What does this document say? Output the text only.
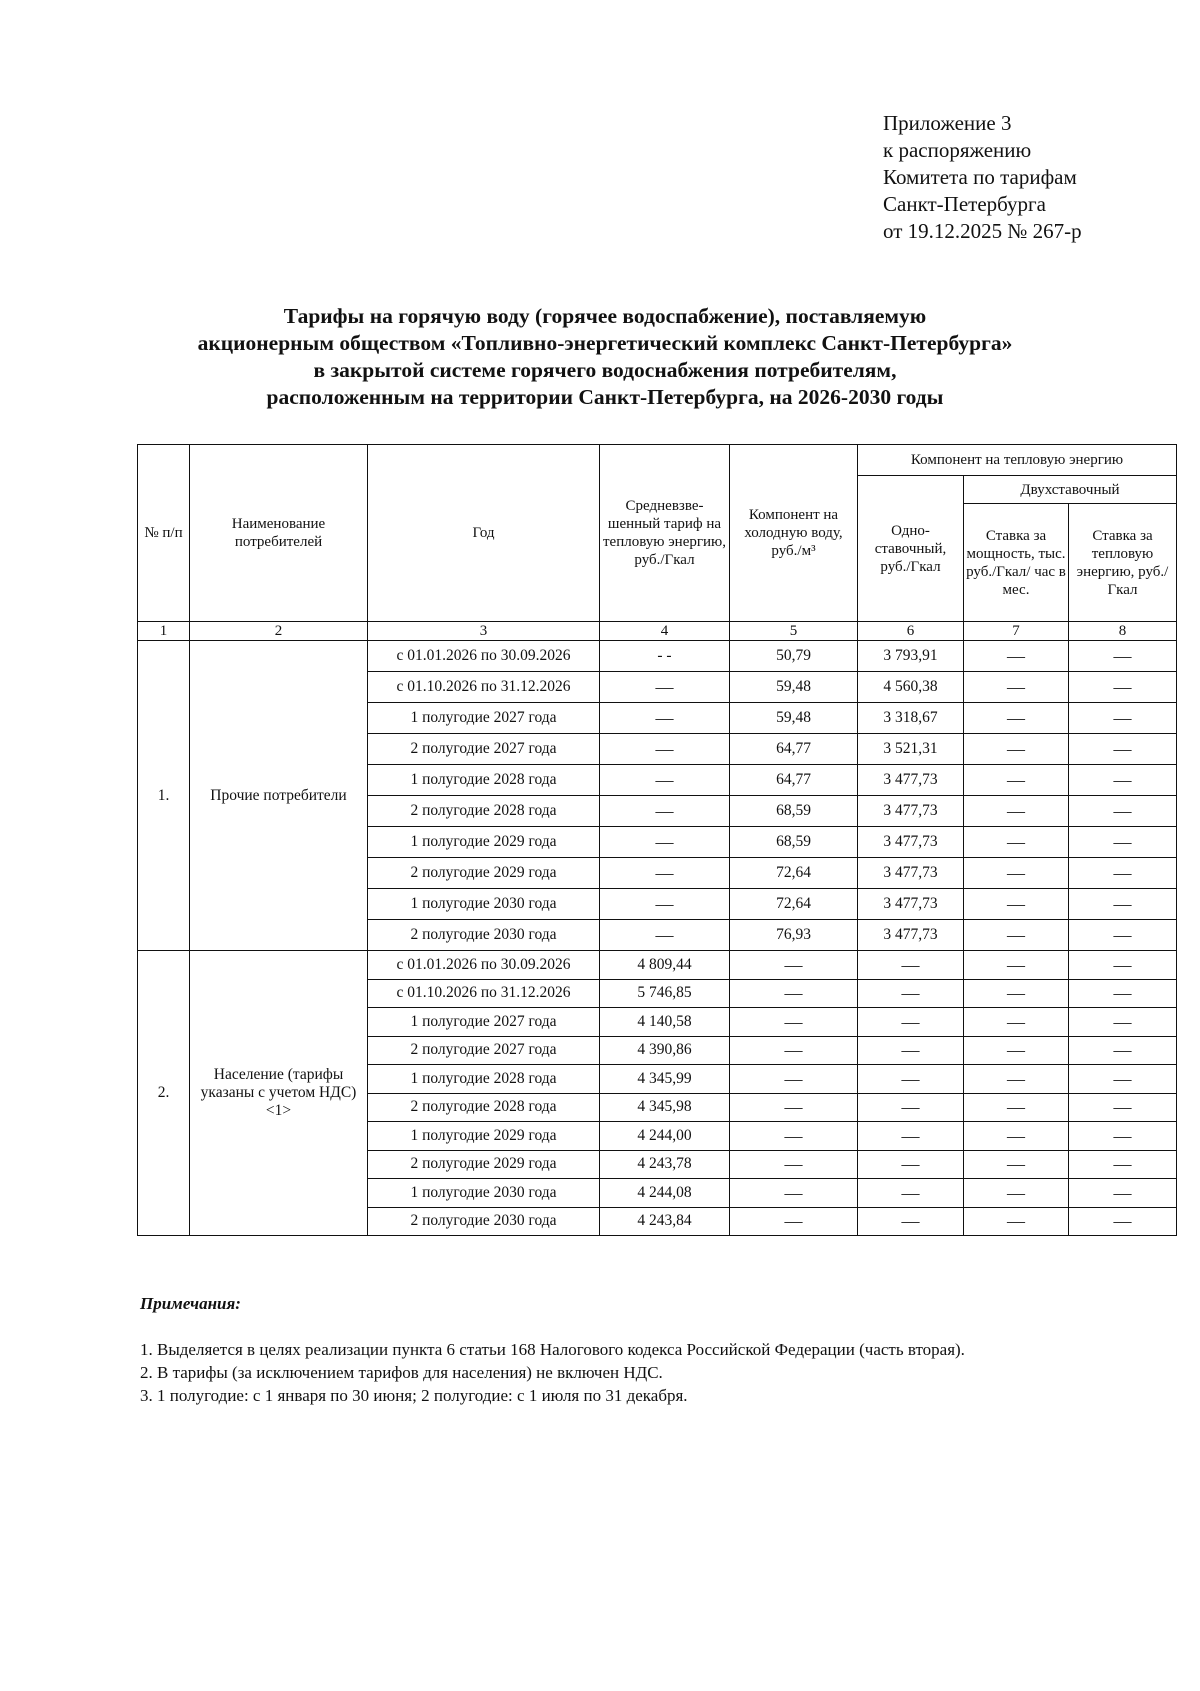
Приложение 3
к распоряжению
Комитета по тарифам
Санкт-Петербурга
от 19.12.2025 № 267-р
Тарифы на горячую воду (горячее водоспабжение), поставляемую
акционерным обществом «Топливно-энергетический комплекс Санкт-Петербурга»
в закрытой системе горячего водоснабжения потребителям,
расположенным на территории Санкт-Петербурга, на 2026-2030 годы
№ п/п	Наименование потребителей	Год	Средневзве-шенный тариф на тепловую энергию, руб./Гкал	Компонент на холодную воду, руб./м³	Компонент на тепловую энергию		
					Одно-ставочный, руб./Гкал	Двухставочный	
						Ставка за мощность, тыс. руб./Гкал/ час в мес.	Ставка за тепловую энергию, руб./Гкал
1	2	3	4	5	6	7	8
1.	Прочие потребители	с 01.01.2026 по 30.09.2026	- -	50,79	3 793,91	—	—
		с 01.10.2026 по 31.12.2026	—	59,48	4 560,38	—	—
		1 полугодие 2027 года	—	59,48	3 318,67	—	—
		2 полугодие 2027 года	—	64,77	3 521,31	—	—
		1 полугодие 2028 года	—	64,77	3 477,73	—	—
		2 полугодие 2028 года	—	68,59	3 477,73	—	—
		1 полугодие 2029 года	—	68,59	3 477,73	—	—
		2 полугодие 2029 года	—	72,64	3 477,73	—	—
		1 полугодие 2030 года	—	72,64	3 477,73	—	—
		2 полугодие 2030 года	—	76,93	3 477,73	—	—
2.	Население (тарифы указаны с учетом НДС) <1>	с 01.01.2026 по 30.09.2026	4 809,44	—	—	—	—
		с 01.10.2026 по 31.12.2026	5 746,85	—	—	—	—
		1 полугодие 2027 года	4 140,58	—	—	—	—
		2 полугодие 2027 года	4 390,86	—	—	—	—
		1 полугодие 2028 года	4 345,99	—	—	—	—
		2 полугодие 2028 года	4 345,98	—	—	—	—
		1 полугодие 2029 года	4 244,00	—	—	—	—
		2 полугодие 2029 года	4 243,78	—	—	—	—
		1 полугодие 2030 года	4 244,08	—	—	—	—
		2 полугодие 2030 года	4 243,84	—	—	—	—
Примечания:
1. Выделяется в целях реализации пункта 6 статьи 168 Налогового кодекса Российской Федерации (часть вторая).
2. В тарифы (за исключением тарифов для населения) не включен НДС.
3. 1 полугодие: с 1 января по 30 июня; 2 полугодие: с 1 июля по 31 декабря.
